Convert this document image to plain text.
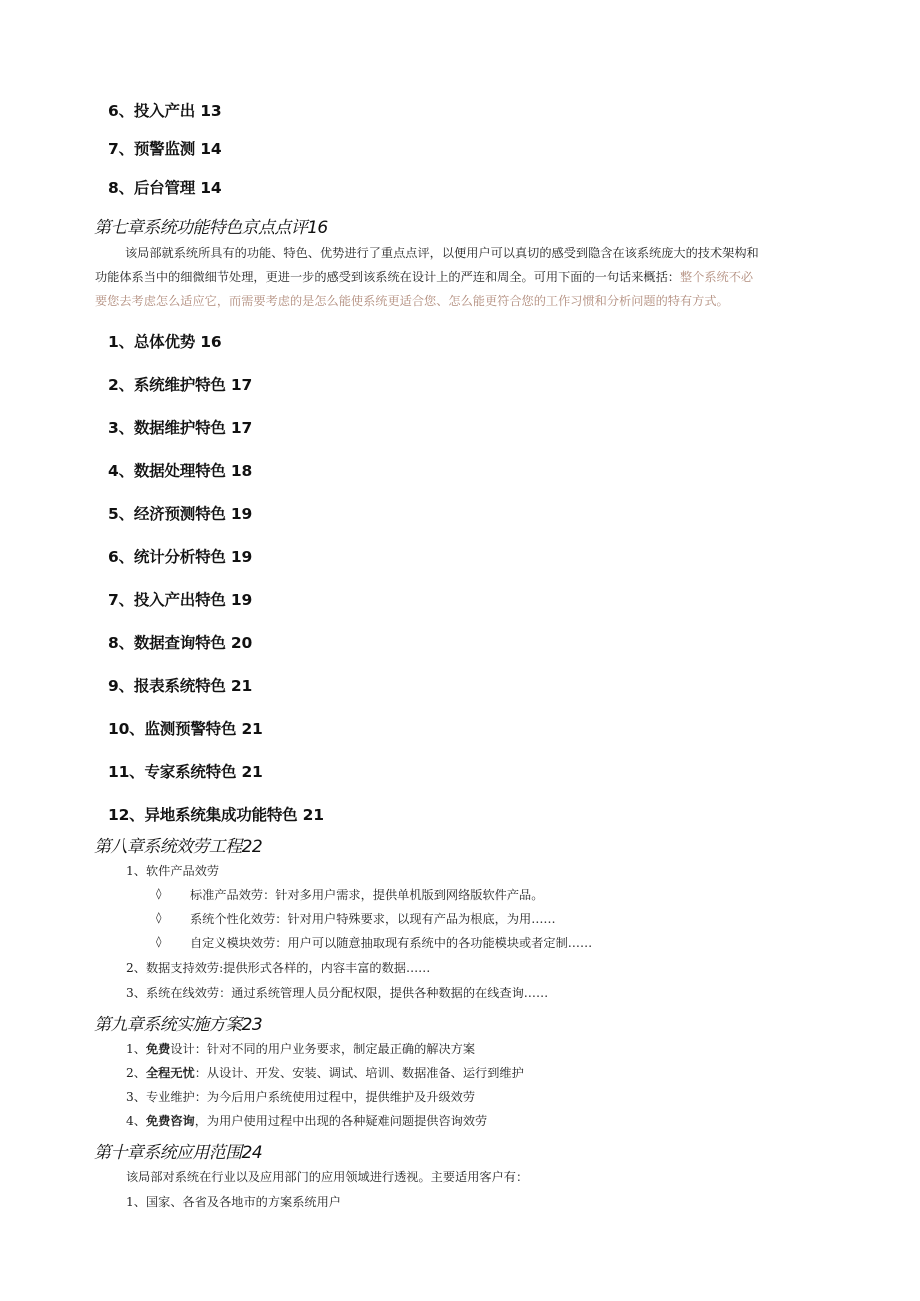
6、投入产出 13
7、预警监测 14
8、后台管理 14
第七章系统功能特色京点点评16
该局部就系统所具有的功能、特色、优势进行了重点点评，以便用户可以真切的感受到隐含在该系统庞大的技术架构和
功能体系当中的细微细节处理，更进一步的感受到该系统在设计上的严连和周全。可用下面的一句话来概括：整个系统不必
要您去考虑怎么适应它，而需要考虑的是怎么能使系统更适合您、怎么能更符合您的工作习惯和分析问题的特有方式。
1、总体优势 16
2、系统维护特色 17
3、数据维护特色 17
4、数据处理特色 18
5、经济预测特色 19
6、统计分析特色 19
7、投入产出特色 19
8、数据查询特色 20
9、报表系统特色 21
10、监测预警特色 21
11、专家系统特色 21
12、异地系统集成功能特色 21
第八章系统效劳工程22
1、软件产品效劳
◊ 标准产品效劳：针对多用户需求，提供单机版到网络版软件产品。
◊ 系统个性化效劳：针对用户特殊要求，以现有产品为根底，为用……
◊ 自定义模块效劳：用户可以随意抽取现有系统中的各功能模块或者定制……
2、数据支持效劳:提供形式各样的，内容丰富的数据……
3、系统在线效劳：通过系统管理人员分配权限，提供各种数据的在线查询……
第九章系统实施方案23
1、免费设计：针对不同的用户业务要求，制定最正确的解决方案
2、全程无忧：从设计、开发、安装、调试、培训、数据准备、运行到维护
3、专业维护：为今后用户系统使用过程中，提供维护及升级效劳
4、免费咨询，为用户使用过程中出现的各种疑难问题提供咨询效劳
第十章系统应用范围24
该局部对系统在行业以及应用部门的应用领域进行透视。主要适用客户有：
1、国家、各省及各地市的方案系统用户
